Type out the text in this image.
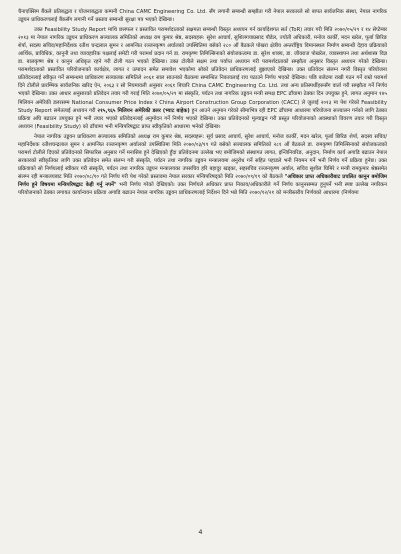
चैनाएक्सिम बैंकले प्रतिबद्धता र योजनाबद्धता कम्पनी China CAMC Engineering Co. Ltd. सँग लगानी सम्बन्धी सम्झौता गरी नेपाल सरकारले सो बापत सार्वजनिक संस्था, नेपाल नागरिक उड्डयन प्राधिकरणलाई बैंकसँग लगानी गर्ने प्रस्ताव सम्बन्धी सुरक्षा पत्र भएको देखिन्छ।

उक्त Feasibility Study Report माथि छलफल र प्रस्तावित परामर्शदाताको सक्षमता सम्बन्धी विस्तृत अध्ययन गर्न कार्यादेशगत सर्त (ToR) तयार गरी मिति २०७०/०५/२९ र १४ सेप्टेम्बर २०१३ मा नेपाल नागरिक उड्डयन प्राधिकरण सञ्चालक समितिको अध्यक्ष राम कुमार श्रेष्ठ, सदस्यहरू: सुरेश आचार्य, सुशिलगयाप्रसाद पौडेल, ज्योती अधिकारी, मनोज कार्की, मदन खरेल, फूर्बा छिरिङ शेर्पा, सदस्य सचिव/महानिर्देशक रतीश चन्द्रलाल सुमन र आमन्त्रित रञ्जनकृष्ण अर्यालको उपस्थितिमा बसेको २८० औं बैठकले पोखरा क्षेत्रीय अन्तर्राष्ट्रिय विमानस्थल निर्माण सम्बन्धी देहाय प्रक्रियाको आर्थिक, प्राविधिक, कानुनी तथा व्यावहारिक पक्षलाई समेटी गरी परामर्श प्रदान गर्न डा. रामकृष्ण तिमिल्सिनाको संयोजकत्वमा डा. सुरेश शाक्य, डा. जीवराज पोखरेल, व्यवस्थापन तथा अर्थशास्त्र विज्ञ डा. बालकृष्ण श्रेष्ठ र कानुन अधिकृत रहने गरी टोली गठन भएको देखिन्छ। उक्त टोलीले सक्षम तथा पर्याप्त अध्ययन गरी परामर्शदाताको सम्झौता अनुसार विस्तृत अध्ययन गरेको देखिन्छ। परामर्शदाताको प्रस्तावित परियोजनाको कार्यक्षेत्र, लागत र उत्पादन समेत समावेश भएकोमा सोको प्रतिवेदन प्राधिकरणलाई बुझाएको देखिन्छ। उक्त प्रतिवेदन संलग्न नगरी विस्तृत परियोजना प्रतिवेदनलाई स्वीकृत गर्ने सम्बन्धमा प्राधिकरण सञ्चालक समितिले २०६१ साल साउनको बैठकमा सम्बन्धित निकायलाई राय पठाउने निर्णय भएको देखिन्छ। पछि बजेटमा राखी गठन गर्ने राम्रो परामर्श दिने टोलीले प्रारम्भिक सार्वजनिक खरिद ऐन, २०६३ र सो नियमावली अनुसार २०६१ बिचारि China CAMC Engineering Co. Ltd. तथा अन्य प्रतिस्पर्धीहरूसँग वार्ता गरी सम्झौता गर्ने निर्णय भएको देखिन्छ। उक्त आधार अनुसारको प्रतिवेदन तयार गरी गराई मिति २०७०/०५/२९ मा संस्कृति, पर्यटन तथा नागरिक उड्डयन मन्त्री समक्ष EPC ढाँचामा ठेक्का दिन उपयुक्त हुने, लागत अनुमान १४५ मिलियन अमेरिकी डलरसम्म National Consumer Price Index र China Airport Construction Group Corporation (CACC) ले जुलाई २०१३ मा पेश गरेको Feasibility Study Report समेतलाई अध्ययन गरी २१५,९६५ मिलियन अमेरिकी डलर (भ्याट बाहेक) हुन आउने अनुमान गरेको सीमाभित्र रही EPC ढाँचामा आधारमा परियोजना सञ्चालन गर्नको लागि ठेक्का प्रक्रिया अघि बढाउन उपयुक्त हुने भनी तयार भएको प्रतिवेदनलाई अनुमोदन गर्ने निर्णय भएको देखिन्छ। उक्त प्रतिवेदनको मूल्याङ्कन गरी प्रस्तुत परियोजनाको अवस्थाको विवरण तयार गरी विस्तृत अध्ययन (Feasibility Study) को ढाँचामा भनी मन्त्रिपरिषद्बाट प्राप्त स्वीकृतिको आधारमा भनेको देखिन्छ।

नेपाल नागरिक उड्डयन प्राधिकरण सञ्चालक समितिको अध्यक्ष राम कुमार श्रेष्ठ, सदस्यहरू: सूर्य प्रसाद आचार्य, सुरेश आचार्य, मनोज कार्की, मदन खरेल, फूर्बा छिरिङ शेर्पा, सदस्य सचिव/महानिर्देशक रतीशचन्द्रलाल सुमन र आमन्त्रित रञ्जनकृष्ण अर्यालको उपस्थितिमा मिति २०७०/०३/१९ गते बसेको सञ्चालक समितिको २८१ औं बैठकले डा. रामकृष्ण तिमिल्सिनाको संयोजकत्वको परामर्श टोलीले दिएको प्रतिवेदनको सिफारिस अनुसार गर्ने मनासिब हुने देखिएको हुँदा प्रतिवेदनमा उल्लेख भए बमोजिमको संस्थागत लागत, इन्जिनियरिङ, अनुदान, निर्माण कार्य अगाडि बढाउन नेपाल सरकारको स्वीकृतिका लागि उक्त प्रतिवेदन समेत संलग्न गरी संस्कृति, पर्यटन तथा नागरिक उड्डयन मन्त्रालयमा अनुरोध गर्ने सहित पहाडले भनी नियमन गर्ने भनी निर्णय गर्ने प्रक्रिया हुनेछ। उक्त प्रक्रियाको सो निर्णयलाई स्वीकार गरी संस्कृति, पर्यटन तथा नागरिक उड्डयन मन्त्रालयका उपसचिव हरि बहादुर खड्का, सहसचिव रञ्जनकृष्ण अर्याल, सचिव सुशील घिमिरे र मन्त्री रामकुमार श्रेष्ठसमेत संलग्न रही मन्त्रालयबाट मिति २०७०/०८/१० गते निर्णय गरी पेश गरेको प्रस्तावमा नेपाल सरकार मन्त्रिपरिषद्को मिति २०७०/०९/१९ को बैठकले "अधिकार प्राप्त अधिकारीबाट प्रचलित कानुन बमोजिम निर्णय हुने विषयमा मन्त्रिपरिषद्बाट केही गर्नु नपर्ने" भनी निर्णय गरेको देखिएको। उक्त निर्णयले अधिकार प्राप्त निकाय/अधिकारीले गर्ने निर्णय कानुनसम्मत हुनुपर्ने भनी स्पष्ट उल्लेख नगरिकन परियोजनाको ठेक्का लगायत कार्यान्वयन प्रक्रिया अगाडि बढाउन नेपाल नागरिक उड्डयन प्राधिकरणलाई निर्देशन दिने भन्ने मिति २०७०/१२/२१ को मन्त्रीस्तरीय निर्णयको आधारमा (निर्णयमा

4
